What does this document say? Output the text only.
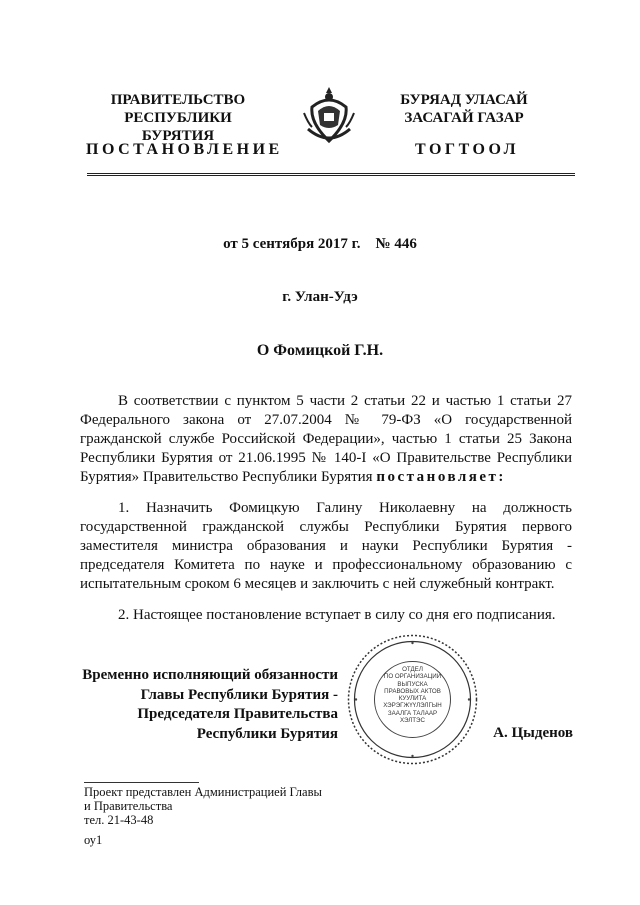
ПРАВИТЕЛЬСТВО
РЕСПУБЛИКИ БУРЯТИЯ
ПОСТАНОВЛЕНИЕ
БУРЯАД УЛАСАЙ
ЗАСАГАЙ ГАЗАР
ТОГТООЛ
от 5 сентября 2017 г.    № 446
г. Улан-Удэ
О Фомицкой Г.Н.

В соответствии с пунктом 5 части 2 статьи 22 и частью 1 статьи 27 Федерального закона от 27.07.2004 № 79-ФЗ «О государственной гражданской службе Российской Федерации», частью 1 статьи 25 Закона Республики Бурятия от 21.06.1995 № 140-I «О Правительстве Республики Бурятия» Правительство Республики Бурятия постановляет:

1. Назначить Фомицкую Галину Николаевну на должность государственной гражданской службы Республики Бурятия первого заместителя министра образования и науки Республики Бурятия - председателя Комитета по науке и профессиональному образованию с испытательным сроком 6 месяцев и заключить с ней служебный контракт.

2. Настоящее постановление вступает в силу со дня его подписания.

Временно исполняющий обязанности
Главы Республики Бурятия -
Председателя Правительства
Республики Бурятия
ОТДЕЛ
ПО ОРГАНИЗАЦИИ
ВЫПУСКА
ПРАВОВЫХ АКТОВ
КУУЛИТА
ХЭРЭГЖҮҮЛЭЛГЫН
ЗААЛГА ТАЛААР
ХЭЛТЭС
А. Цыденов
Проект представлен Администрацией Главы
и Правительства
тел. 21-43-48
оу1
